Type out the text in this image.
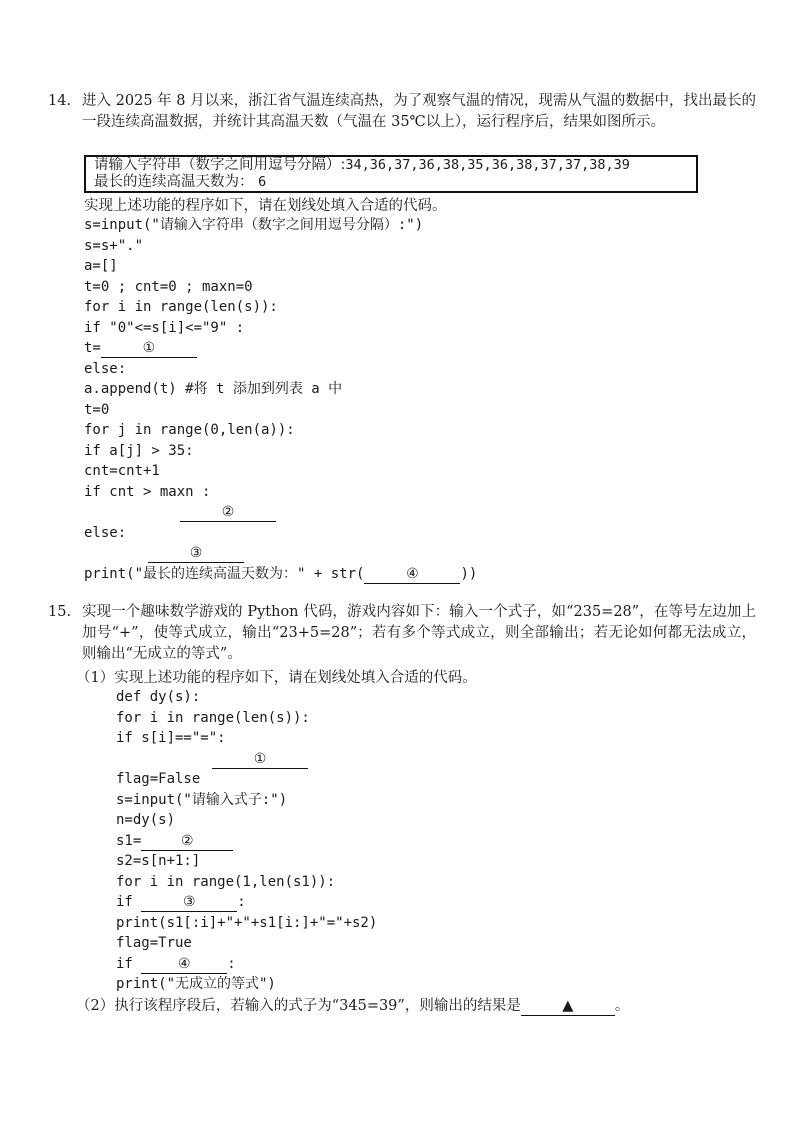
14. 进入 2025 年 8 月以来，浙江省气温连续高热，为了观察气温的情况，现需从气温的数据中，找出最长的一段连续高温数据，并统计其高温天数（气温在 35℃以上），运行程序后，结果如图所示。
请输入字符串（数字之间用逗号分隔）:34,36,37,36,38,35,36,38,37,37,38,39
最长的连续高温天数为： 6
实现上述功能的程序如下，请在划线处填入合适的代码。

s=input("请输入字符串（数字之间用逗号分隔）:")

s=s+"."

a=[]

t=0 ; cnt=0 ; maxn=0

for i in range(len(s)):

if "0"<=s[i]<="9" :

t=	①

else:

a.append(t) #将 t 添加到列表 a 中

t=0

for j in range(0,len(a)):

if a[j] > 35:

cnt=cnt+1

if cnt > maxn :

②

else:

③

print("最长的连续高温天数为：" + str(	④	))

15. 实现一个趣味数学游戏的 Python 代码，游戏内容如下：输入一个式子，如“235=28”，在等号左边加上加号“+”，使等式成立，输出“23+5=28”；若有多个等式成立，则全部输出；若无论如何都无法成立，则输出“无成立的等式”。
（1）实现上述功能的程序如下，请在划线处填入合适的代码。

def dy(s):

for i in range(len(s)):

if s[i]=="=":

①

flag=False

s=input("请输入式子:")

n=dy(s)

s1=	②

s2=s[n+1:]

for i in range(1,len(s1)):

if	③	:

print(s1[:i]+"+"+s1[i:]+"="+s2)

flag=True

if	④	:

print("无成立的等式")

（2）执行该程序段后，若输入的式子为“345=39”，则输出的结果是	▲	。
